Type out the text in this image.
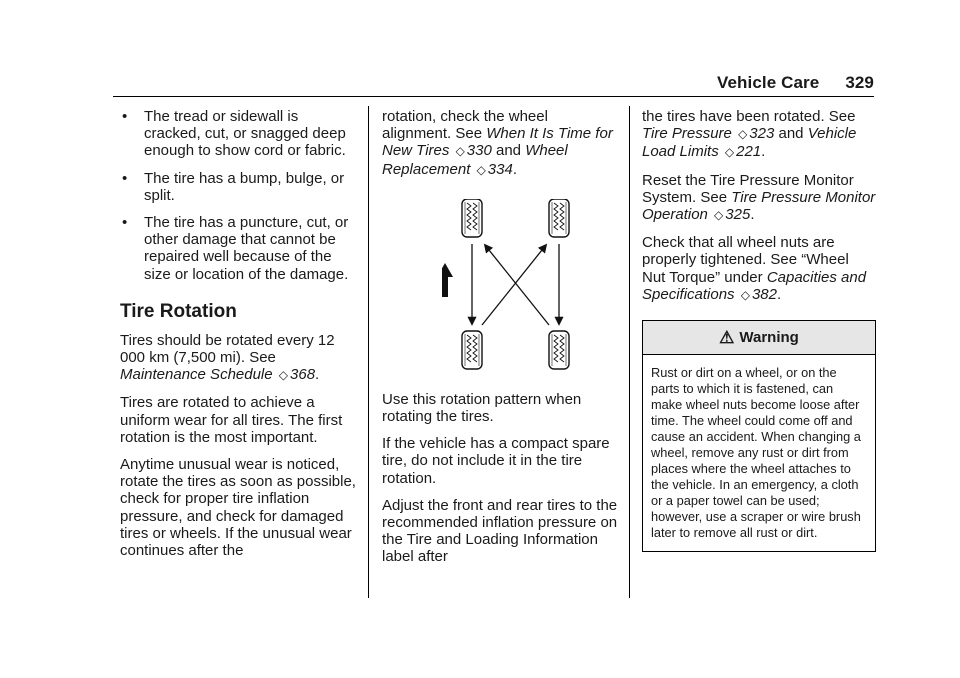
Vehicle Care 329
• The tread or sidewall is cracked, cut, or snagged deep enough to show cord or fabric.
• The tire has a bump, bulge, or split.
• The tire has a puncture, cut, or other damage that cannot be repaired well because of the size or location of the damage.
Tire Rotation

Tires should be rotated every 12 000 km (7,500 mi). See Maintenance Schedule ◇ 368.

Tires are rotated to achieve a uniform wear for all tires. The first rotation is the most important.

Anytime unusual wear is noticed, rotate the tires as soon as possible, check for proper tire inflation pressure, and check for damaged tires or wheels. If the unusual wear continues after the

rotation, check the wheel alignment. See When It Is Time for New Tires ◇ 330 and Wheel Replacement ◇ 334.

Use this rotation pattern when rotating the tires.

If the vehicle has a compact spare tire, do not include it in the tire rotation.

Adjust the front and rear tires to the recommended inflation pressure on the Tire and Loading Information label after

the tires have been rotated. See Tire Pressure ◇ 323 and Vehicle Load Limits ◇ 221.

Reset the Tire Pressure Monitor System. See Tire Pressure Monitor Operation ◇ 325.

Check that all wheel nuts are properly tightened. See “Wheel Nut Torque” under Capacities and Specifications ◇ 382.

⚠ Warning
Rust or dirt on a wheel, or on the parts to which it is fastened, can make wheel nuts become loose after time. The wheel could come off and cause an accident. When changing a wheel, remove any rust or dirt from places where the wheel attaches to the vehicle. In an emergency, a cloth or a paper towel can be used; however, use a scraper or wire brush later to remove all rust or dirt.
